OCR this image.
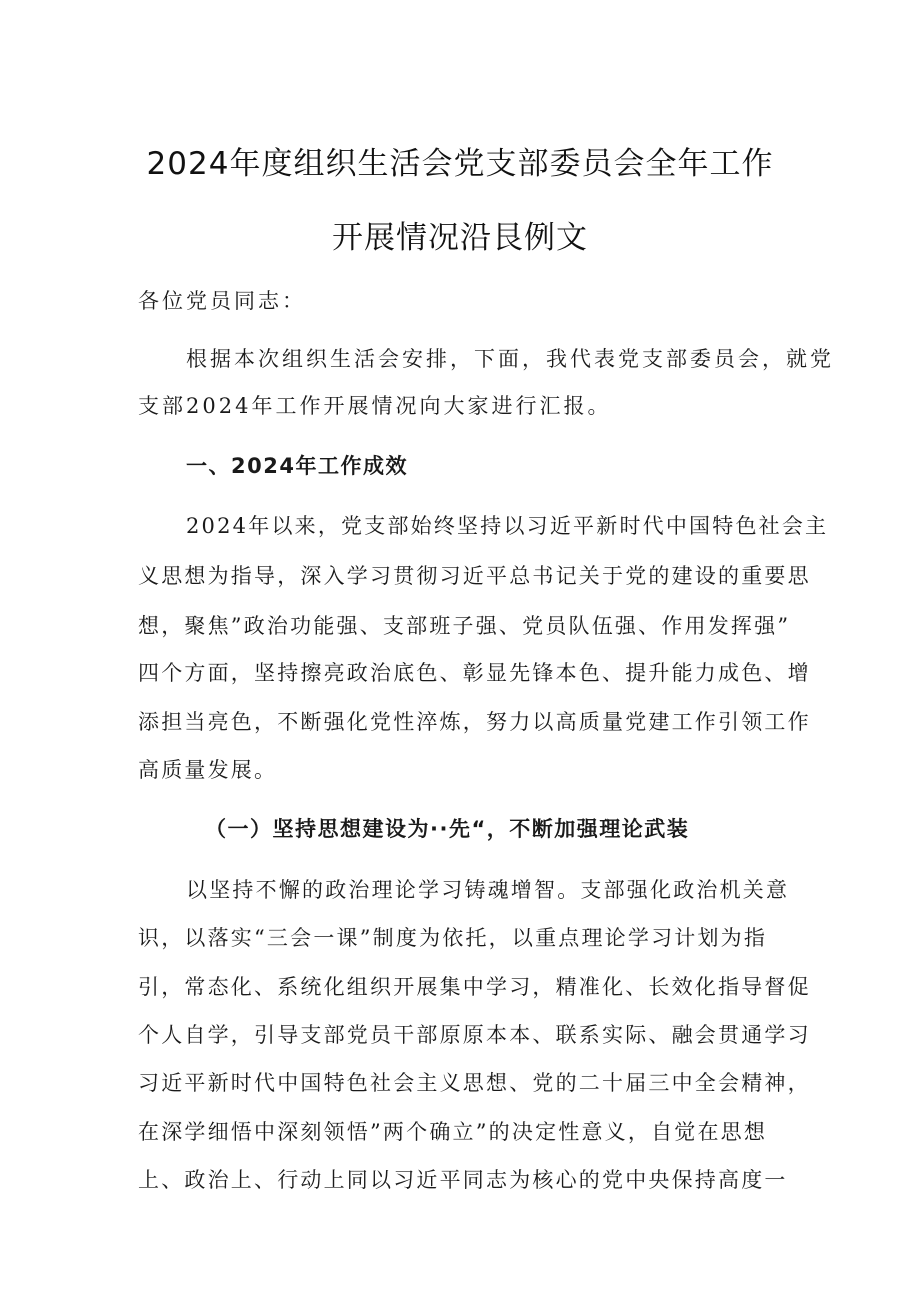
2024年度组织生活会党支部委员会全年工作
开展情况沿艮例文
各位党员同志：
根据本次组织生活会安排，下面，我代表党支部委员会，就党
支部2024年工作开展情况向大家进行汇报。
一、2024年工作成效
2024年以来，党支部始终坚持以习近平新时代中国特色社会主
义思想为指导，深入学习贯彻习近平总书记关于党的建设的重要思
想，聚焦”政治功能强、支部班子强、党员队伍强、作用发挥强”
四个方面，坚持擦亮政治底色、彰显先锋本色、提升能力成色、增
添担当亮色，不断强化党性淬炼，努力以高质量党建工作引领工作
高质量发展。
（一）坚持思想建设为··先“，不断加强理论武装
以坚持不懈的政治理论学习铸魂增智。支部强化政治机关意
识，以落实“三会一课”制度为依托，以重点理论学习计划为指
引，常态化、系统化组织开展集中学习，精准化、长效化指导督促
个人自学，引导支部党员干部原原本本、联系实际、融会贯通学习
习近平新时代中国特色社会主义思想、党的二十届三中全会精神，
在深学细悟中深刻领悟”两个确立”的决定性意义，自觉在思想
上、政治上、行动上同以习近平同志为核心的党中央保持高度一
